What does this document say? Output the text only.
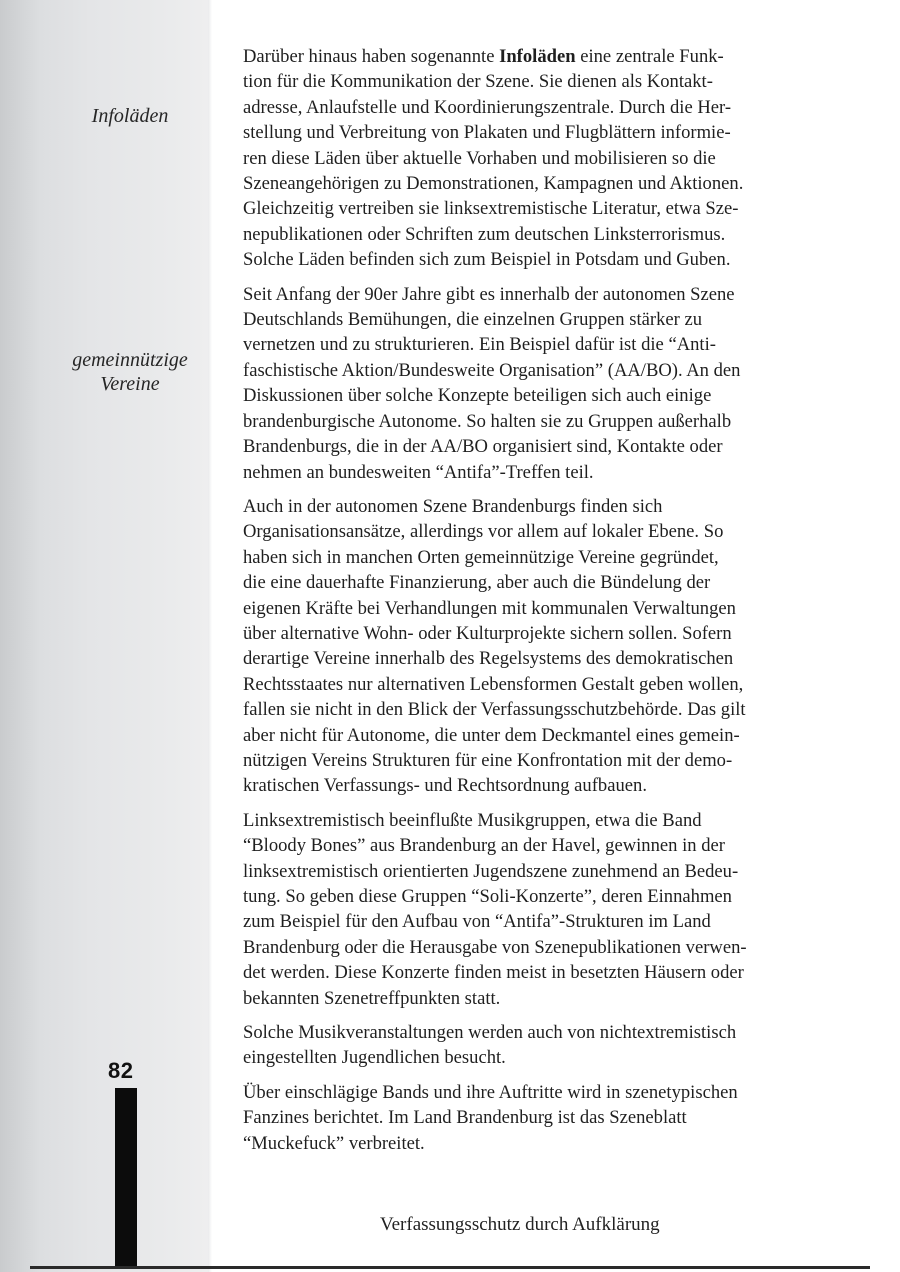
Infoläden
gemeinnützige
Vereine
82

Darüber hinaus haben sogenannte Infoläden eine zentrale Funk-
tion für die Kommunikation der Szene. Sie dienen als Kontakt-
adresse, Anlaufstelle und Koordinierungszentrale. Durch die Her-
stellung und Verbreitung von Plakaten und Flugblättern informie-
ren diese Läden über aktuelle Vorhaben und mobilisieren so die
Szeneangehörigen zu Demonstrationen, Kampagnen und Aktionen.
Gleichzeitig vertreiben sie linksextremistische Literatur, etwa Sze-
nepublikationen oder Schriften zum deutschen Linksterrorismus.
Solche Läden befinden sich zum Beispiel in Potsdam und Guben.

Seit Anfang der 90er Jahre gibt es innerhalb der autonomen Szene
Deutschlands Bemühungen, die einzelnen Gruppen stärker zu
vernetzen und zu strukturieren. Ein Beispiel dafür ist die “Anti-
faschistische Aktion/Bundesweite Organisation” (AA/BO). An den
Diskussionen über solche Konzepte beteiligen sich auch einige
brandenburgische Autonome. So halten sie zu Gruppen außerhalb
Brandenburgs, die in der AA/BO organisiert sind, Kontakte oder
nehmen an bundesweiten “Antifa”-Treffen teil.

Auch in der autonomen Szene Brandenburgs finden sich
Organisationsansätze, allerdings vor allem auf lokaler Ebene. So
haben sich in manchen Orten gemeinnützige Vereine gegründet,
die eine dauerhafte Finanzierung, aber auch die Bündelung der
eigenen Kräfte bei Verhandlungen mit kommunalen Verwaltungen
über alternative Wohn- oder Kulturprojekte sichern sollen. Sofern
derartige Vereine innerhalb des Regelsystems des demokratischen
Rechtsstaates nur alternativen Lebensformen Gestalt geben wollen,
fallen sie nicht in den Blick der Verfassungsschutzbehörde. Das gilt
aber nicht für Autonome, die unter dem Deckmantel eines gemein-
nützigen Vereins Strukturen für eine Konfrontation mit der demo-
kratischen Verfassungs- und Rechtsordnung aufbauen.

Linksextremistisch beeinflußte Musikgruppen, etwa die Band
“Bloody Bones” aus Brandenburg an der Havel, gewinnen in der
linksextremistisch orientierten Jugendszene zunehmend an Bedeu-
tung. So geben diese Gruppen “Soli-Konzerte”, deren Einnahmen
zum Beispiel für den Aufbau von “Antifa”-Strukturen im Land
Brandenburg oder die Herausgabe von Szenepublikationen verwen-
det werden. Diese Konzerte finden meist in besetzten Häusern oder
bekannten Szenetreffpunkten statt.

Solche Musikveranstaltungen werden auch von nichtextremistisch
eingestellten Jugendlichen besucht.

Über einschlägige Bands und ihre Auftritte wird in szenetypischen
Fanzines berichtet. Im Land Brandenburg ist das Szeneblatt
“Muckefuck” verbreitet.

Verfassungsschutz durch Aufklärung
